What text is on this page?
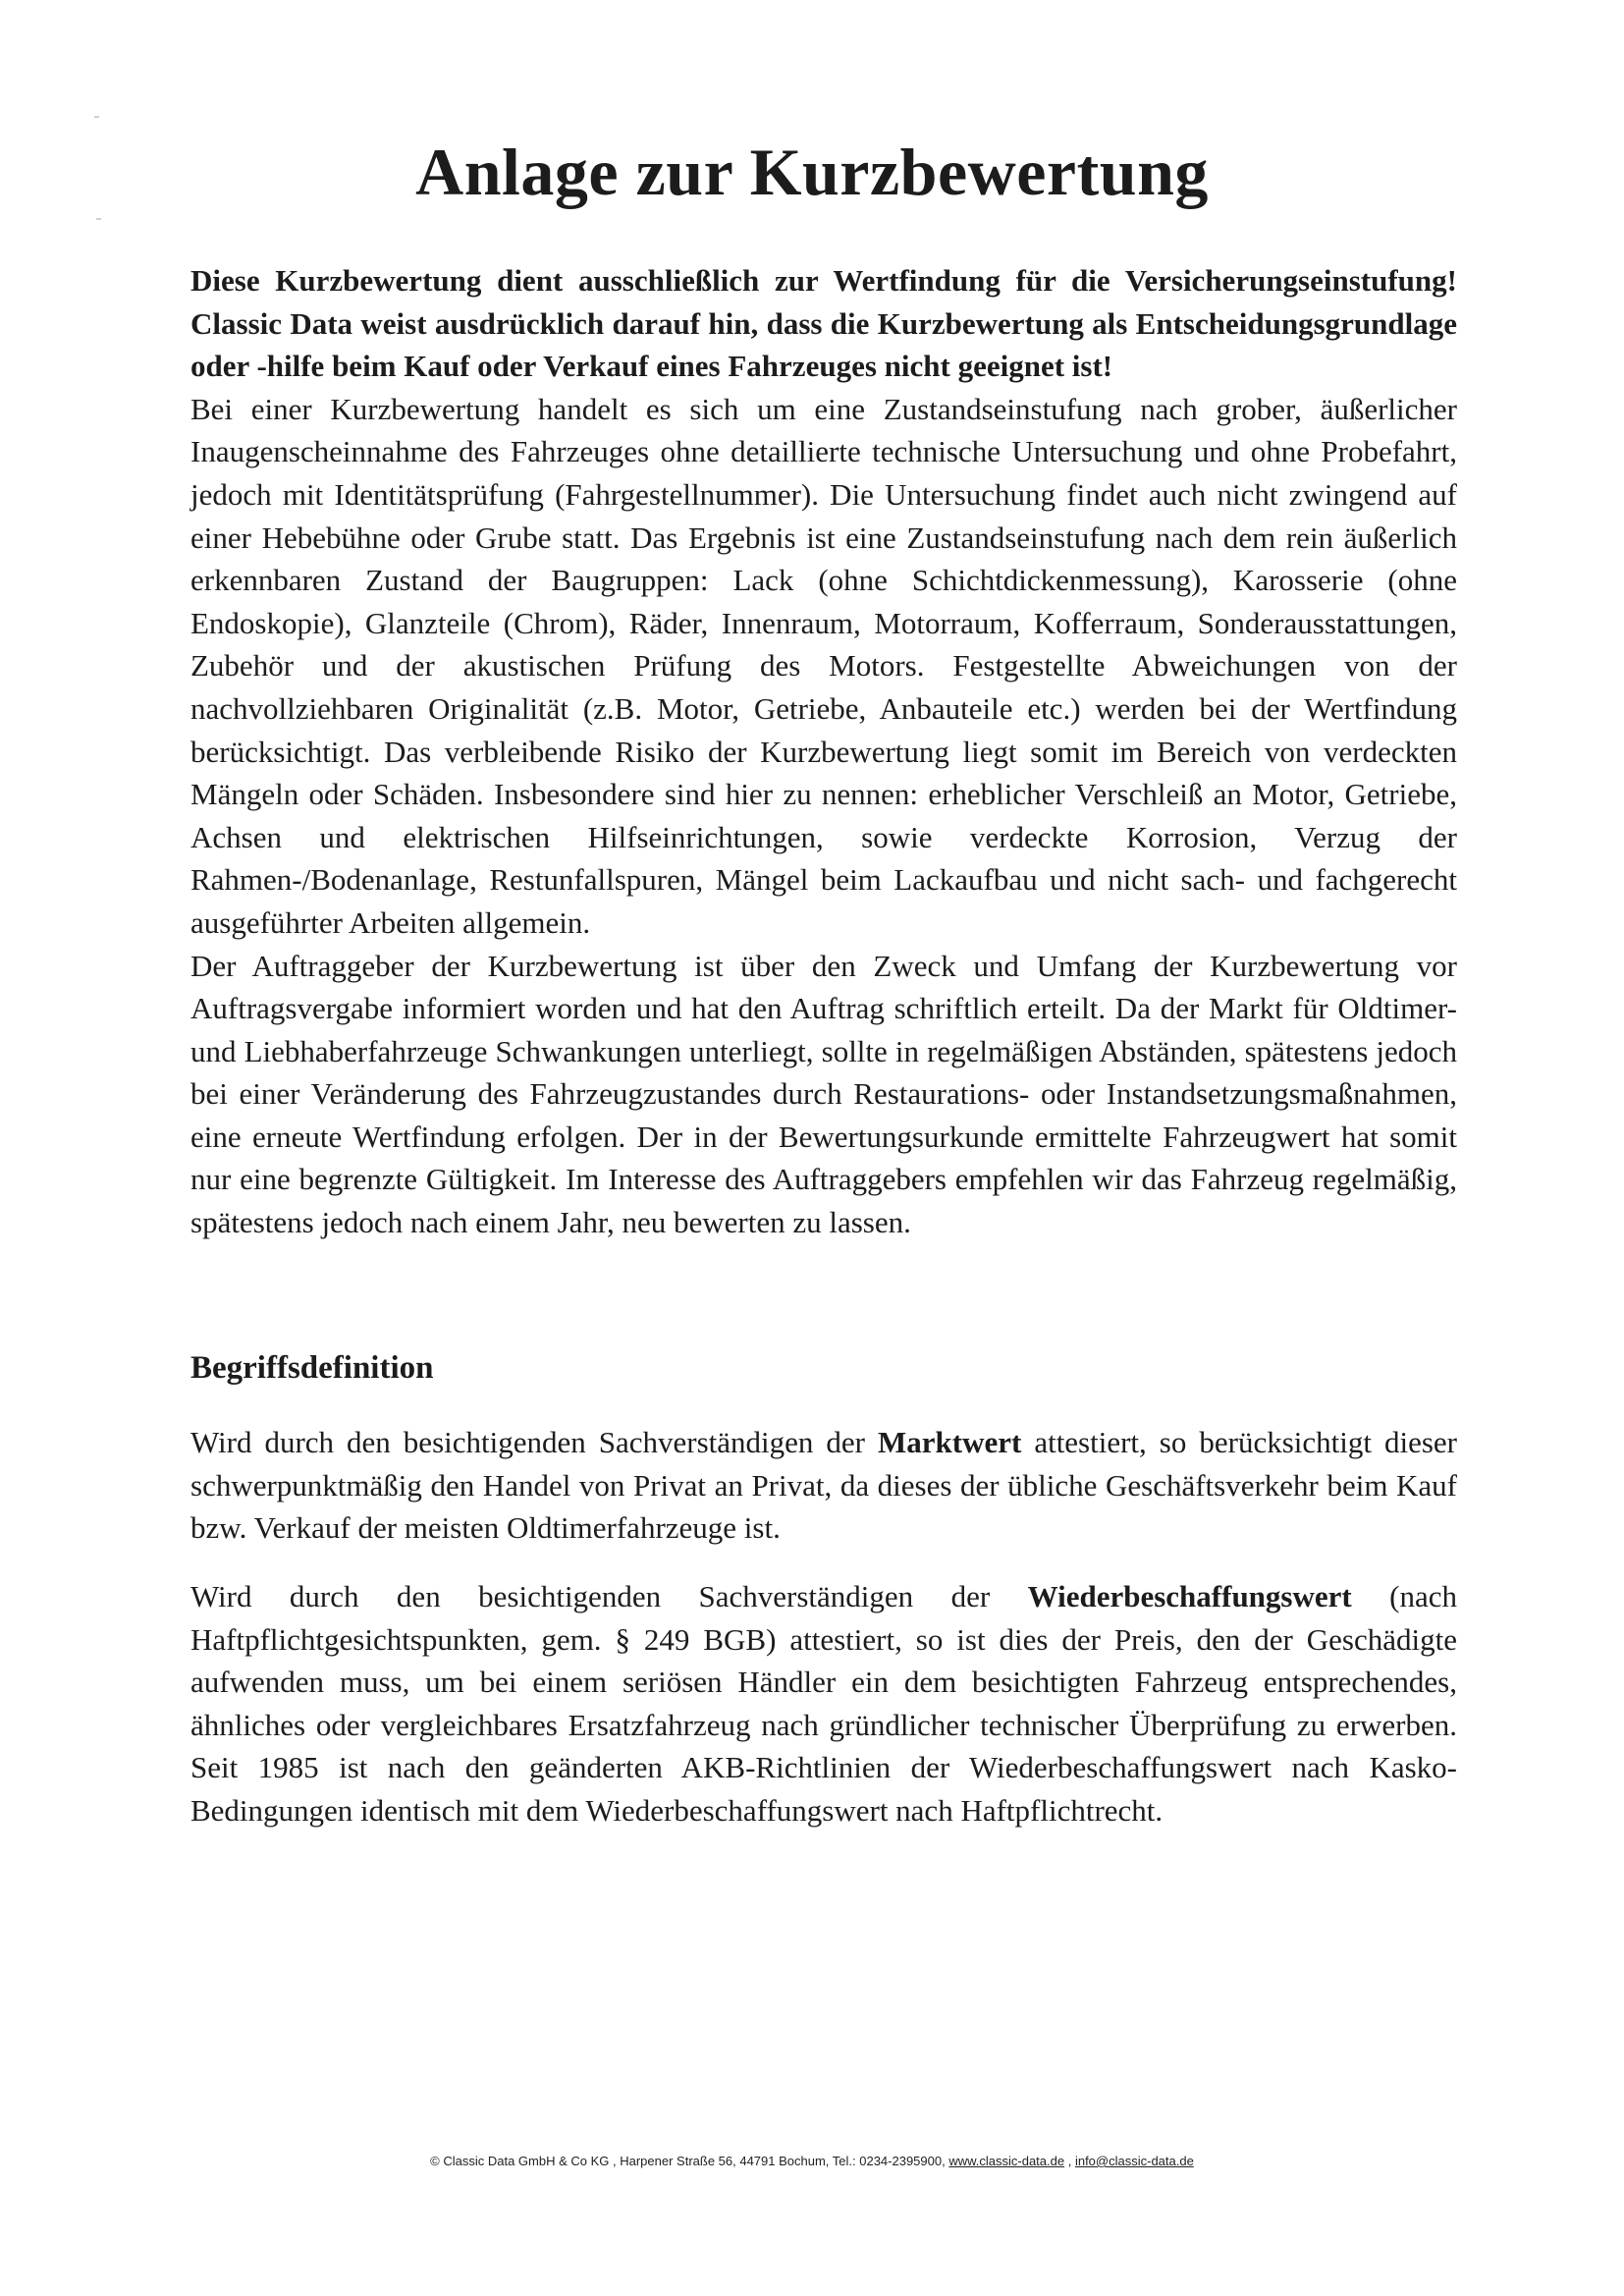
Anlage zur Kurzbewertung

Diese Kurzbewertung dient ausschließlich zur Wertfindung für die Versicherungseinstufung! Classic Data weist ausdrücklich darauf hin, dass die Kurzbewertung als Entscheidungsgrundlage oder -hilfe beim Kauf oder Verkauf eines Fahrzeuges nicht geeignet ist!

Bei einer Kurzbewertung handelt es sich um eine Zustandseinstufung nach grober, äußerlicher Inaugenscheinnahme des Fahrzeuges ohne detaillierte technische Untersuchung und ohne Probefahrt, jedoch mit Identitätsprüfung (Fahrgestellnummer). Die Untersuchung findet auch nicht zwingend auf einer Hebebühne oder Grube statt. Das Ergebnis ist eine Zustandseinstufung nach dem rein äußerlich erkennbaren Zustand der Baugruppen: Lack (ohne Schichtdickenmessung), Karosserie (ohne Endoskopie), Glanzteile (Chrom), Räder, Innenraum, Motorraum, Kofferraum, Sonderausstattungen, Zubehör und der akustischen Prüfung des Motors. Festgestellte Abweichungen von der nachvollziehbaren Originalität (z.B. Motor, Getriebe, Anbauteile etc.) werden bei der Wertfindung berücksichtigt. Das verbleibende Risiko der Kurzbewertung liegt somit im Bereich von verdeckten Mängeln oder Schäden. Insbesondere sind hier zu nennen: erheblicher Verschleiß an Motor, Getriebe, Achsen und elektrischen Hilfseinrichtungen, sowie verdeckte Korrosion, Verzug der Rahmen-/Bodenanlage, Restunfallspuren, Mängel beim Lackaufbau und nicht sach- und fachgerecht ausgeführter Arbeiten allgemein.

Der Auftraggeber der Kurzbewertung ist über den Zweck und Umfang der Kurzbewertung vor Auftragsvergabe informiert worden und hat den Auftrag schriftlich erteilt. Da der Markt für Oldtimer- und Liebhaberfahrzeuge Schwankungen unterliegt, sollte in regelmäßigen Abständen, spätestens jedoch bei einer Veränderung des Fahrzeugzustandes durch Restaurations- oder Instandsetzungsmaßnahmen, eine erneute Wertfindung erfolgen. Der in der Bewertungsurkunde ermittelte Fahrzeugwert hat somit nur eine begrenzte Gültigkeit. Im Interesse des Auftraggebers empfehlen wir das Fahrzeug regelmäßig, spätestens jedoch nach einem Jahr, neu bewerten zu lassen.

Begriffsdefinition

Wird durch den besichtigenden Sachverständigen der Marktwert attestiert, so berücksichtigt dieser schwerpunktmäßig den Handel von Privat an Privat, da dieses der übliche Geschäftsverkehr beim Kauf bzw. Verkauf der meisten Oldtimerfahrzeuge ist.

Wird durch den besichtigenden Sachverständigen der Wiederbeschaffungswert (nach Haftpflichtgesichtspunkten, gem. § 249 BGB) attestiert, so ist dies der Preis, den der Geschädigte aufwenden muss, um bei einem seriösen Händler ein dem besichtigten Fahrzeug entsprechendes, ähnliches oder vergleichbares Ersatzfahrzeug nach gründlicher technischer Überprüfung zu erwerben. Seit 1985 ist nach den geänderten AKB-Richtlinien der Wiederbeschaffungswert nach Kasko-Bedingungen identisch mit dem Wiederbeschaffungswert nach Haftpflichtrecht.

© Classic Data GmbH & Co KG , Harpener Straße 56, 44791 Bochum, Tel.: 0234-2395900, www.classic-data.de , info@classic-data.de
